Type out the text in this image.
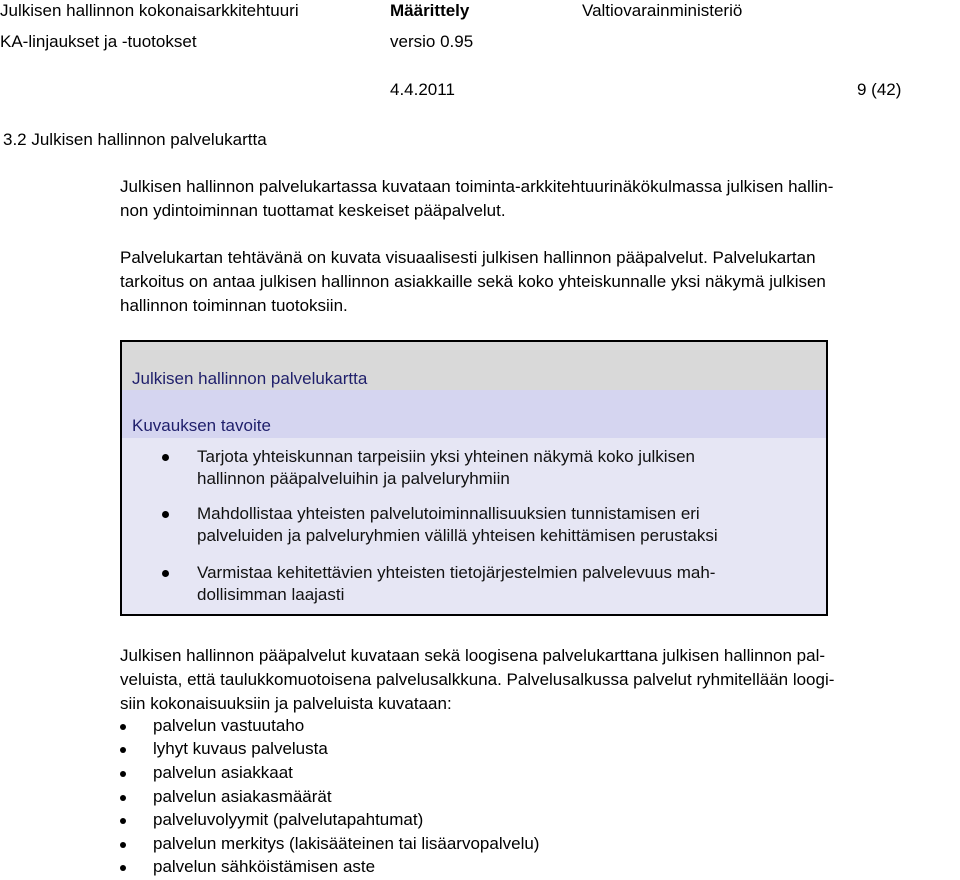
Julkisen hallinnon kokonaisarkkitehtuuri	Määrittely	Valtiovarainministeriö
KA-linjaukset ja -tuotokset	versio 0.95
4.4.2011	9 (42)
3.2 Julkisen hallinnon palvelukartta
Julkisen hallinnon palvelukartassa kuvataan toiminta-arkkitehtuurinäkökulmassa julkisen hallin-
non ydintoiminnan tuottamat keskeiset pääpalvelut.
Palvelukartan tehtävänä on kuvata visuaalisesti julkisen hallinnon pääpalvelut. Palvelukartan
tarkoitus on antaa julkisen hallinnon asiakkaille sekä koko yhteiskunnalle yksi näkymä julkisen
hallinnon toiminnan tuotoksiin.
Julkisen hallinnon palvelukartta
Kuvauksen tavoite
Tarjota yhteiskunnan tarpeisiin yksi yhteinen näkymä koko julkisen
hallinnon pääpalveluihin ja palveluryhmiin
Mahdollistaa yhteisten palvelutoiminnallisuuksien tunnistamisen eri
palveluiden ja palveluryhmien välillä yhteisen kehittämisen perustaksi
Varmistaa kehitettävien yhteisten tietojärjestelmien palvelevuus mah-
dollisimman laajasti
Julkisen hallinnon pääpalvelut kuvataan sekä loogisena palvelukarttana julkisen hallinnon pal-
veluista, että taulukkomuotoisena palvelusalkkuna. Palvelusalkussa palvelut ryhmitellään loogi-
siin kokonaisuuksiin ja palveluista kuvataan:
palvelun vastuutaho
lyhyt kuvaus palvelusta
palvelun asiakkaat
palvelun asiakasmäärät
palveluvolyymit (palvelutapahtumat)
palvelun merkitys (lakisääteinen tai lisäarvopalvelu)
palvelun sähköistämisen aste
